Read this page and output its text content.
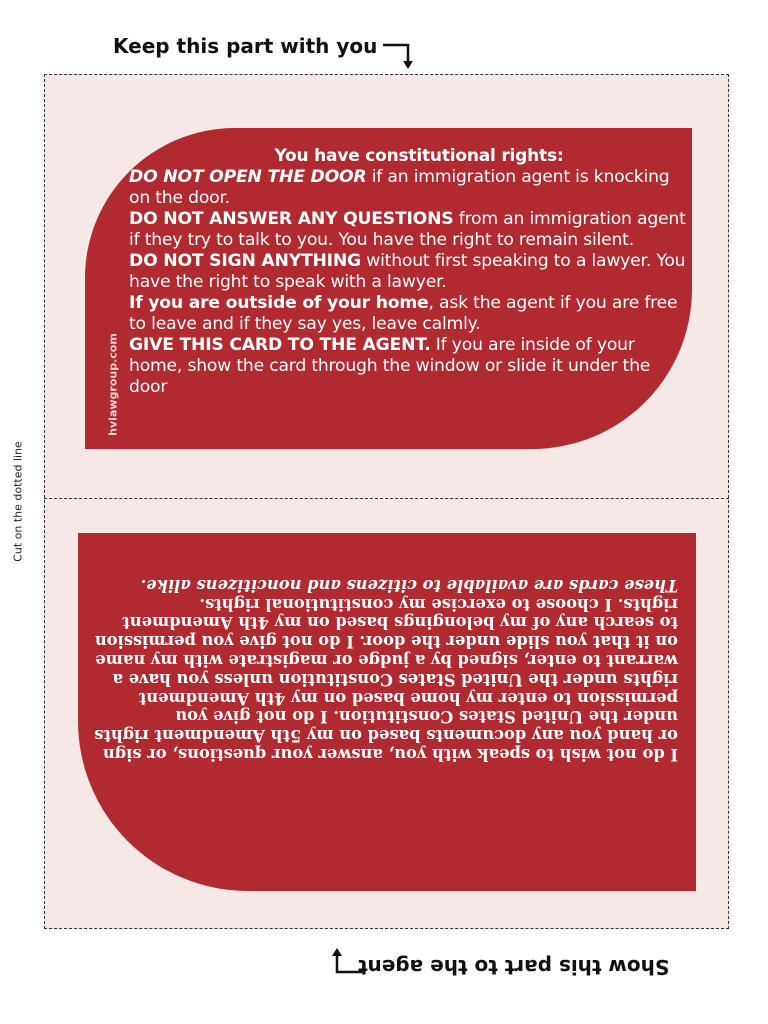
Keep this part with you
Cut on the dotted line
You have constitutional rights:
DO NOT OPEN THE DOOR if an immigration agent is knocking on the door.
DO NOT ANSWER ANY QUESTIONS from an immigration agent if they try to talk to you. You have the right to remain silent.
DO NOT SIGN ANYTHING without first speaking to a lawyer. You have the right to speak with a lawyer.
If you are outside of your home, ask the agent if you are free to leave and if they say yes, leave calmly.
GIVE THIS CARD TO THE AGENT. If you are inside of your home, show the card through the window or slide it under the door
hvlawgroup.com

I do not wish to speak with you, answer your questions, or sign or hand you any documents based on my 5th Amendment rights under the United States Constitution. I do not give you permission to enter my home based on my 4th Amendment rights under the United States Constitution unless you have a warrant to enter, signed by a judge or magistrate with my name on it that you slide under the door. I do not give you permission to search any of my belongings based on my 4th Amendment rights. I choose to exercise my constitutional rights.

These cards are available to citizens and noncitizens alike.

Show this part to the agent
